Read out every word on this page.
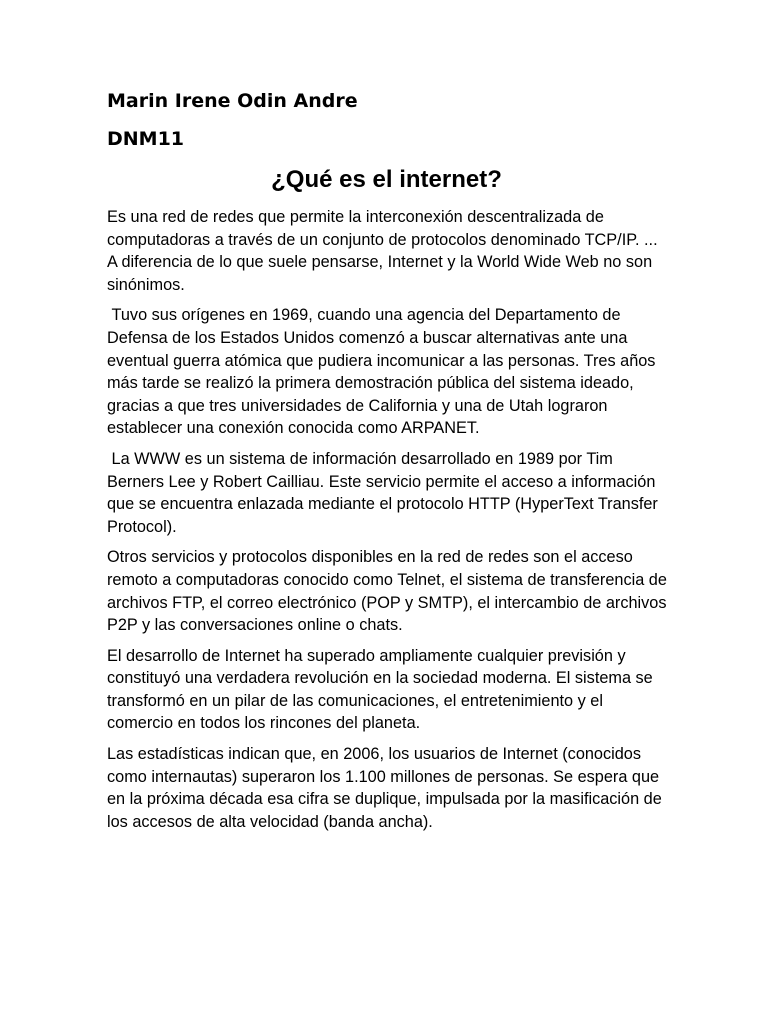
Marin Irene Odin Andre

DNM11

¿Qué es el internet?

Es una red de redes que permite la interconexión descentralizada de computadoras a través de un conjunto de protocolos denominado TCP/IP. ... A diferencia de lo que suele pensarse, Internet y la World Wide Web no son sinónimos.

Tuvo sus orígenes en 1969, cuando una agencia del Departamento de Defensa de los Estados Unidos comenzó a buscar alternativas ante una eventual guerra atómica que pudiera incomunicar a las personas. Tres años más tarde se realizó la primera demostración pública del sistema ideado, gracias a que tres universidades de California y una de Utah lograron establecer una conexión conocida como ARPANET.

La WWW es un sistema de información desarrollado en 1989 por Tim Berners Lee y Robert Cailliau. Este servicio permite el acceso a información que se encuentra enlazada mediante el protocolo HTTP (HyperText Transfer Protocol).

Otros servicios y protocolos disponibles en la red de redes son el acceso remoto a computadoras conocido como Telnet, el sistema de transferencia de archivos FTP, el correo electrónico (POP y SMTP), el intercambio de archivos P2P y las conversaciones online o chats.

El desarrollo de Internet ha superado ampliamente cualquier previsión y constituyó una verdadera revolución en la sociedad moderna. El sistema se transformó en un pilar de las comunicaciones, el entretenimiento y el comercio en todos los rincones del planeta.

Las estadísticas indican que, en 2006, los usuarios de Internet (conocidos como internautas) superaron los 1.100 millones de personas. Se espera que en la próxima década esa cifra se duplique, impulsada por la masificación de los accesos de alta velocidad (banda ancha).
